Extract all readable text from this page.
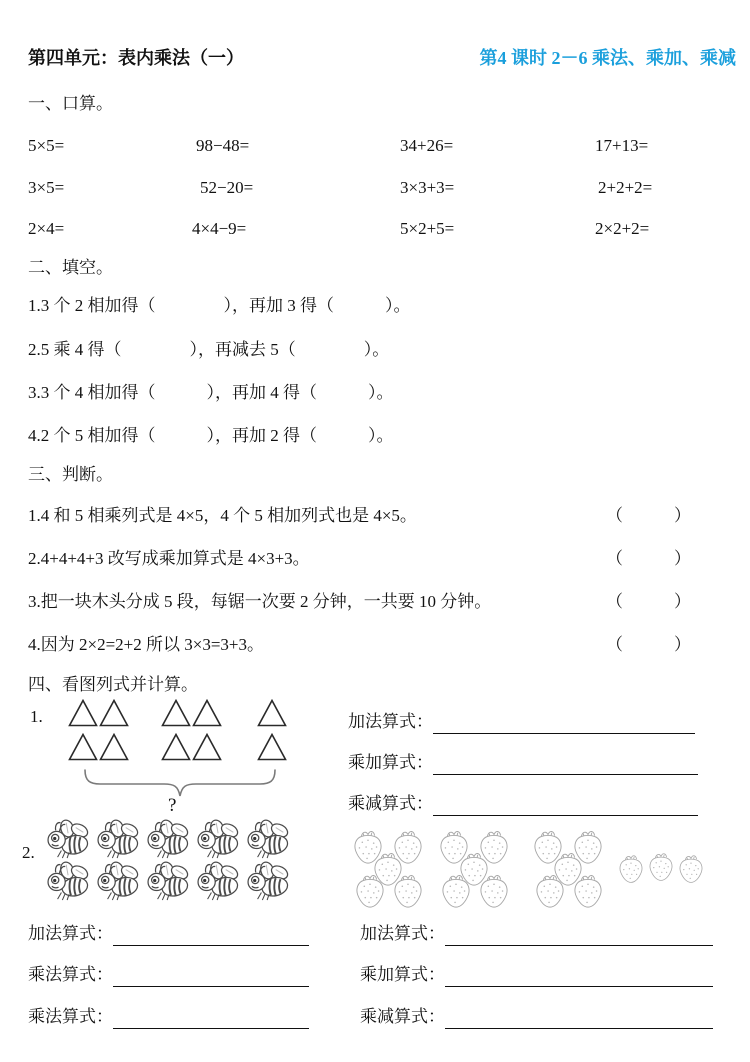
第四单元：表内乘法（一）	第4 课时 2－6 乘法、乘加、乘减
一、口算。
5×5=	98−48=	34+26=	17+13=
3×5=	52−20=	3×3+3=	2+2+2=
2×4=	4×4−9=	5×2+5=	2×2+2=
二、填空。
1.3 个 2 相加得（　　　　），再加 3 得（　　　）。
2.5 乘 4 得（　　　　），再减去 5（　　　　）。
3.3 个 4 相加得（　　　），再加 4 得（　　　）。
4.2 个 5 相加得（　　　），再加 2 得（　　　）。
三、判断。
1.4 和 5 相乘列式是 4×5，4 个 5 相加列式也是 4×5。	（　　　）
2.4+4+4+3 改写成乘加算式是 4×3+3。	（　　　）
3.把一块木头分成 5 段，每锯一次要 2 分钟，一共要 10 分钟。	（　　　）
4.因为 2×2=2+2 所以 3×3=3+3。	（　　　）
四、看图列式并计算。
1.
?
加法算式：
乘加算式：
乘减算式：
2.
加法算式：
乘法算式：
乘法算式：
加法算式：
乘加算式：
乘减算式：
